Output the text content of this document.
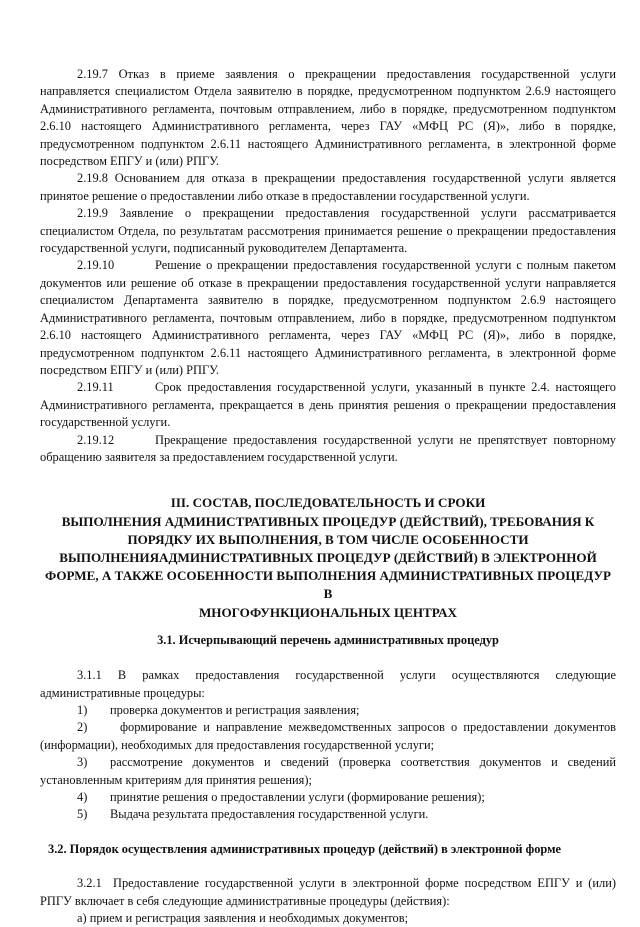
2.19.7 Отказ в приеме заявления о прекращении предоставления государственной услуги направляется специалистом Отдела заявителю в порядке, предусмотренном подпунктом 2.6.9 настоящего Административного регламента, почтовым отправлением, либо в порядке, предусмотренном подпунктом 2.6.10 настоящего Административного регламента, через ГАУ «МФЦ РС (Я)», либо в порядке, предусмотренном подпунктом 2.6.11 настоящего Административного регламента, в электронной форме посредством ЕПГУ и (или) РПГУ.

2.19.8 Основанием для отказа в прекращении предоставления государственной услуги является принятое решение о предоставлении либо отказе в предоставлении государственной услуги.

2.19.9 Заявление о прекращении предоставления государственной услуги рассматривается специалистом Отдела, по результатам рассмотрения принимается решение о прекращении предоставления государственной услуги, подписанный руководителем Департамента.

2.19.10	Решение о прекращении предоставления государственной услуги с полным пакетом документов или решение об отказе в прекращении предоставления государственной услуги направляется специалистом Департамента заявителю в порядке, предусмотренном подпунктом 2.6.9 настоящего Административного регламента, почтовым отправлением, либо в порядке, предусмотренном подпунктом 2.6.10 настоящего Административного регламента, через ГАУ «МФЦ РС (Я)», либо в порядке, предусмотренном подпунктом 2.6.11 настоящего Административного регламента, в электронной форме посредством ЕПГУ и (или) РПГУ.

2.19.11	Срок предоставления государственной услуги, указанный в пункте 2.4. настоящего Административного регламента, прекращается в день принятия решения о прекращении предоставления государственной услуги.

2.19.12	Прекращение предоставления государственной услуги не препятствует повторному обращению заявителя за предоставлением государственной услуги.

III. СОСТАВ, ПОСЛЕДОВАТЕЛЬНОСТЬ И СРОКИ
ВЫПОЛНЕНИЯ АДМИНИСТРАТИВНЫХ ПРОЦЕДУР (ДЕЙСТВИЙ), ТРЕБОВАНИЯ К
ПОРЯДКУ ИХ ВЫПОЛНЕНИЯ, В ТОМ ЧИСЛЕ ОСОБЕННОСТИ
ВЫПОЛНЕНИЯАДМИНИСТРАТИВНЫХ ПРОЦЕДУР (ДЕЙСТВИЙ) В ЭЛЕКТРОННОЙ
ФОРМЕ, А ТАКЖЕ ОСОБЕННОСТИ ВЫПОЛНЕНИЯ АДМИНИСТРАТИВНЫХ ПРОЦЕДУР В
МНОГОФУНКЦИОНАЛЬНЫХ ЦЕНТРАХ
3.1. Исчерпывающий перечень административных процедур

3.1.1 В рамках предоставления государственной услуги осуществляются следующие административные процедуры:

1) проверка документов и регистрация заявления;

2)	формирование и направление межведомственных запросов о предоставлении документов (информации), необходимых для предоставления государственной услуги;

3) рассмотрение документов и сведений (проверка соответствия документов и сведений установленным критериям для принятия решения);

4) принятие решения о предоставлении услуги (формирование решения);

5) Выдача результата предоставления государственной услуги.

3.2. Порядок осуществления административных процедур (действий) в электронной форме

3.2.1 Предоставление государственной услуги в электронной форме посредством ЕПГУ и (или) РПГУ включает в себя следующие административные процедуры (действия):

а) прием и регистрация заявления и необходимых документов;
